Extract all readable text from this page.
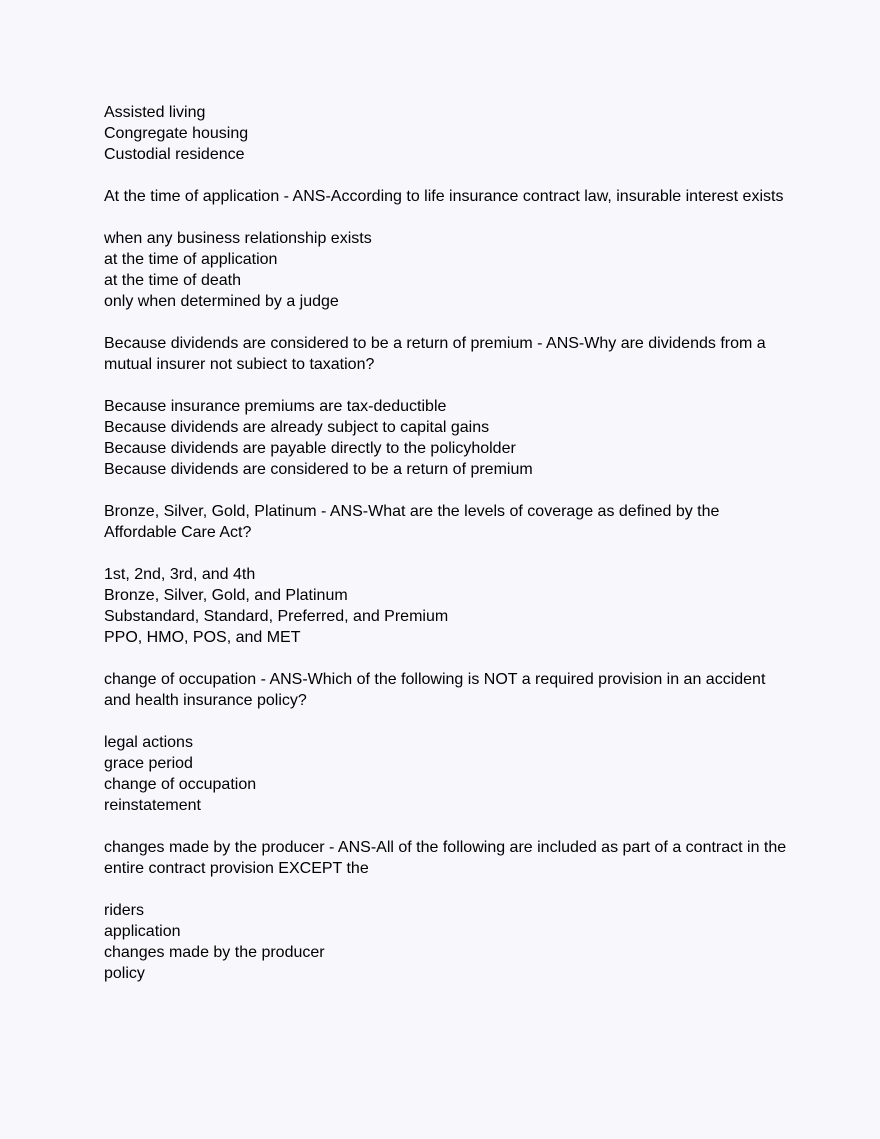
Assisted living
Congregate housing
Custodial residence
At the time of application - ANS-According to life insurance contract law, insurable interest exists
when any business relationship exists
at the time of application
at the time of death
only when determined by a judge
Because dividends are considered to be a return of premium - ANS-Why are dividends from a mutual insurer not subiect to taxation?
Because insurance premiums are tax-deductible
Because dividends are already subject to capital gains
Because dividends are payable directly to the policyholder
Because dividends are considered to be a return of premium
Bronze, Silver, Gold, Platinum - ANS-What are the levels of coverage as defined by the Affordable Care Act?
1st, 2nd, 3rd, and 4th
Bronze, Silver, Gold, and Platinum
Substandard, Standard, Preferred, and Premium
PPO, HMO, POS, and MET
change of occupation - ANS-Which of the following is NOT a required provision in an accident and health insurance policy?
legal actions
grace period
change of occupation
reinstatement
changes made by the producer - ANS-All of the following are included as part of a contract in the entire contract provision EXCEPT the
riders
application
changes made by the producer
policy
